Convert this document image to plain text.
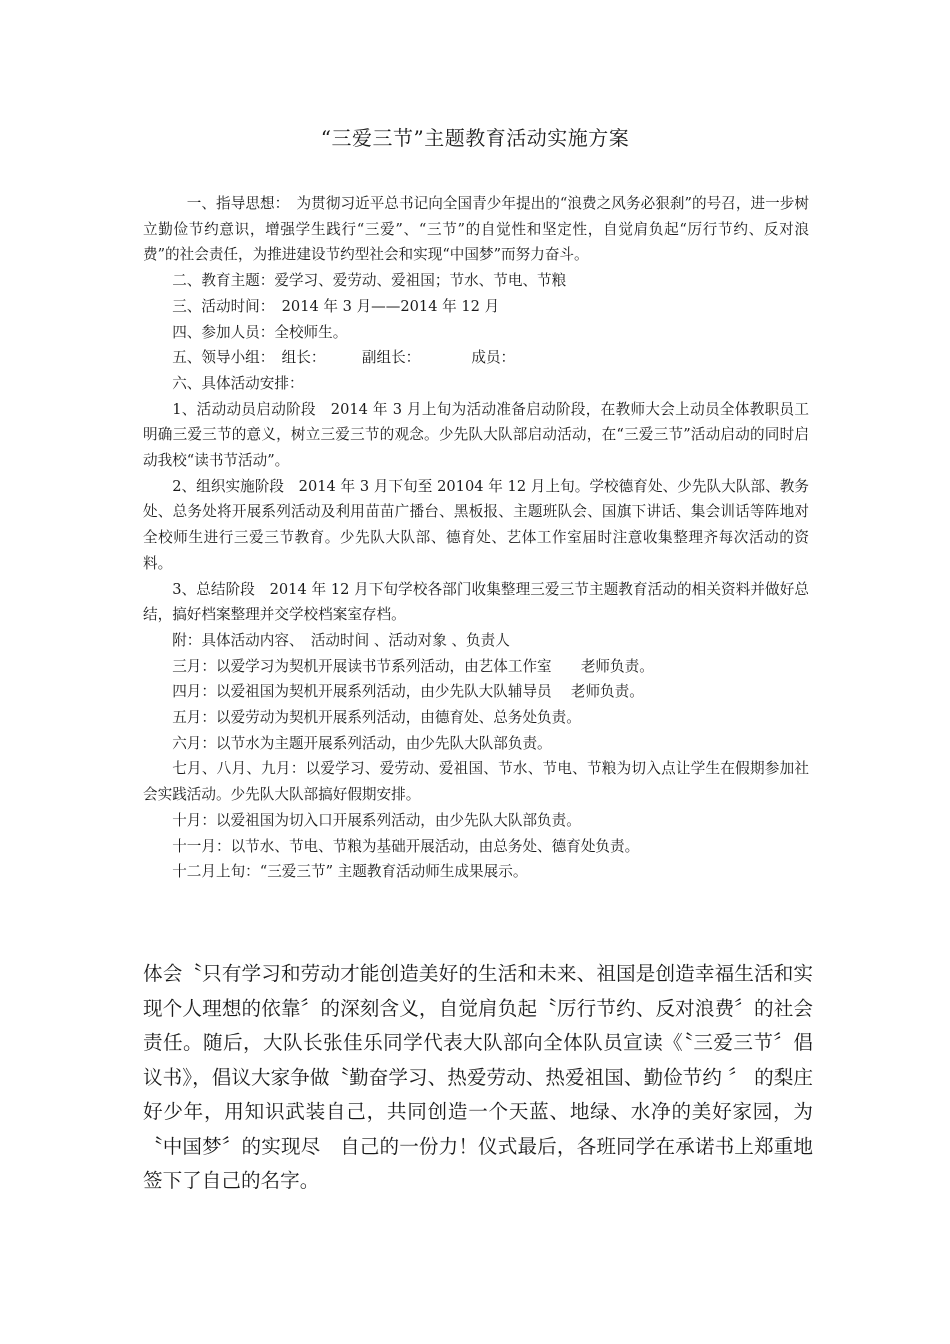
“三爱三节”主题教育活动实施方案

一、指导思想：　为贯彻习近平总书记向全国青少年提出的“浪费之风务必狠刹”的号召，进一步树立勤俭节约意识，增强学生践行“三爱”、“三节”的自觉性和坚定性，自觉肩负起“厉行节约、反对浪费”的社会责任，为推进建设节约型社会和实现“中国梦”而努力奋斗。

二、教育主题：爱学习、爱劳动、爱祖国；节水、节电、节粮

三、活动时间：　2014 年 3 月——2014 年 12 月

四、参加人员：全校师生。

五、领导小组：　组长：　　　副组长：　　　　成员：

六、具体活动安排：

1、活动动员启动阶段　2014 年 3 月上旬为活动准备启动阶段，在教师大会上动员全体教职员工明确三爱三节的意义，树立三爱三节的观念。少先队大队部启动活动，在“三爱三节”活动启动的同时启动我校“读书节活动”。

2、组织实施阶段　2014 年 3 月下旬至 20104 年 12 月上旬。学校德育处、少先队大队部、教务处、总务处将开展系列活动及利用苗苗广播台、黑板报、主题班队会、国旗下讲话、集会训话等阵地对全校师生进行三爱三节教育。少先队大队部、德育处、艺体工作室届时注意收集整理齐每次活动的资料。

3、总结阶段　2014 年 12 月下旬学校各部门收集整理三爱三节主题教育活动的相关资料并做好总结，搞好档案整理并交学校档案室存档。

附：具体活动内容、　活动时间 、活动对象 、负责人

三月：以爱学习为契机开展读书节系列活动，由艺体工作室　　老师负责。

四月：以爱祖国为契机开展系列活动，由少先队大队辅导员　 老师负责。

五月：以爱劳动为契机开展系列活动，由德育处、总务处负责。

六月：以节水为主题开展系列活动，由少先队大队部负责。

七月、八月、九月：以爱学习、爱劳动、爱祖国、节水、节电、节粮为切入点让学生在假期参加社会实践活动。少先队大队部搞好假期安排。

十月：以爱祖国为切入口开展系列活动，由少先队大队部负责。

十一月：以节水、节电、节粮为基础开展活动，由总务处、德育处负责。

十二月上旬：“三爱三节” 主题教育活动师生成果展示。

体会〝只有学习和劳动才能创造美好的生活和未来、祖国是创造幸福生活和实现个人理想的依靠〞的深刻含义，自觉肩负起〝厉行节约、反对浪费〞的社会责任。随后，大队长张佳乐同学代表大队部向全体队员宣读《〝三爱三节〞倡议书》，倡议大家争做〝勤奋学习、热爱劳动、热爱祖国、勤俭节约 〞 的梨庄好少年，用知识武装自己，共同创造一个天蓝、地绿、水净的美好家园，为〝中国梦〞的实现尽　自己的一份力！仪式最后，各班同学在承诺书上郑重地签下了自己的名字。
